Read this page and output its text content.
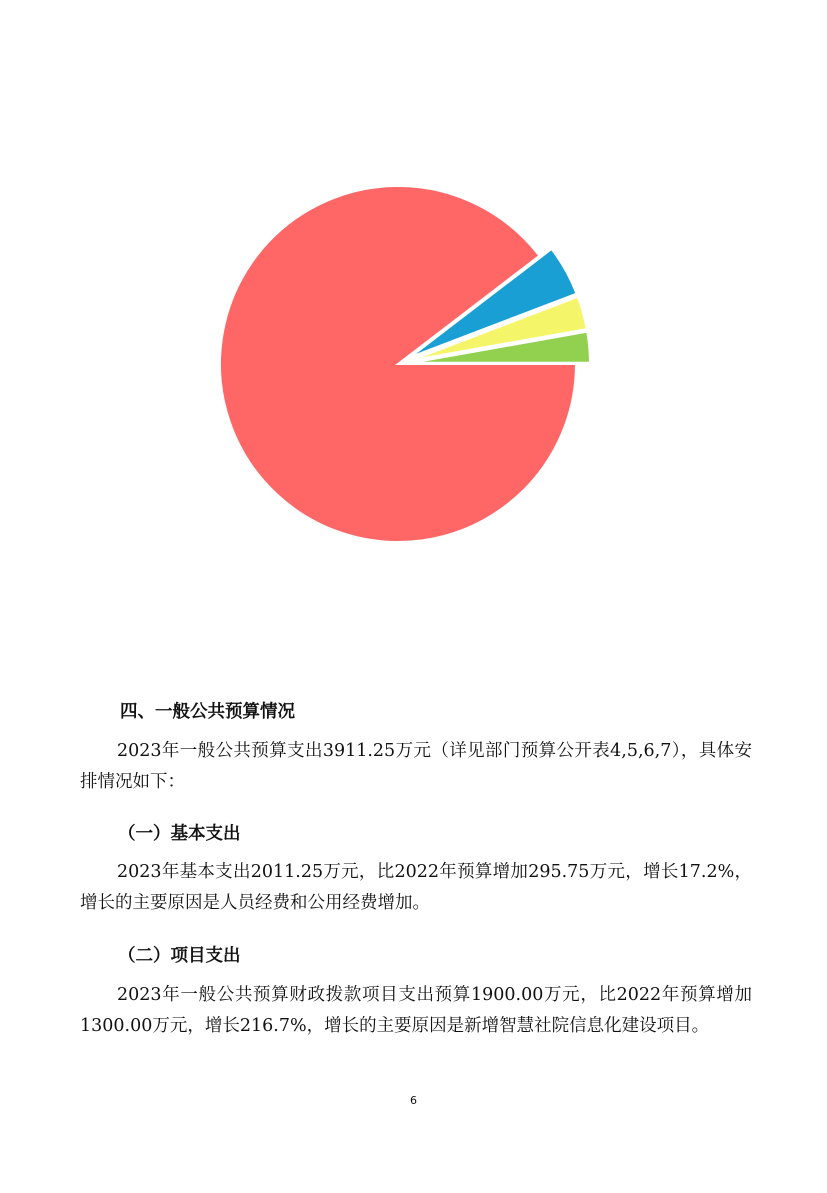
四、一般公共预算情况
2023年一般公共预算支出3911.25万元（详见部门预算公开表4,5,6,7），具体安排情况如下：
（一）基本支出
2023年基本支出2011.25万元，比2022年预算增加295.75万元，增长17.2%，增长的主要原因是人员经费和公用经费增加。
（二）项目支出
2023年一般公共预算财政拨款项目支出预算1900.00万元，比2022年预算增加1300.00万元，增长216.7%，增长的主要原因是新增智慧社院信息化建设项目。
6
